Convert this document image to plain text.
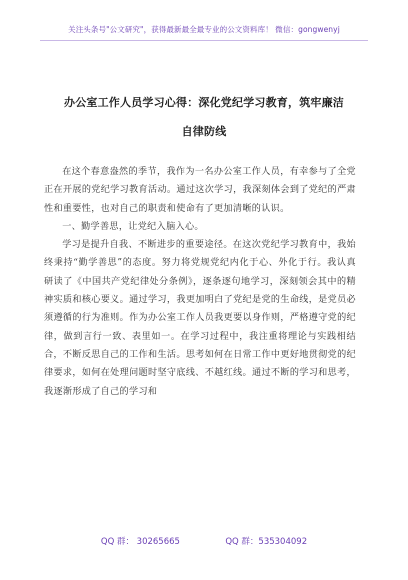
关注头条号"公文研究"，获得最新最全最专业的公文资料库！ 微信：gongwenyj
办公室工作人员学习心得：深化党纪学习教育，筑牢廉洁
自律防线

在这个春意盎然的季节，我作为一名办公室工作人员，有幸参与了全党正在开展的党纪学习教育活动。通过这次学习，我深刻体会到了党纪的严肃性和重要性，也对自己的职责和使命有了更加清晰的认识。

一、勤学善思，让党纪入脑入心。

学习是提升自我、不断进步的重要途径。在这次党纪学习教育中，我始终秉持“勤学善思”的态度。努力将党规党纪内化于心、外化于行。我认真研读了《中国共产党纪律处分条例》，逐条逐句地学习，深刻领会其中的精神实质和核心要义。通过学习，我更加明白了党纪是党的生命线，是党员必须遵循的行为准则。作为办公室工作人员我更要以身作则，严格遵守党的纪律，做到言行一致、表里如一。在学习过程中，我注重将理论与实践相结合，不断反思自己的工作和生活。思考如何在日常工作中更好地贯彻党的纪律要求，如何在处理问题时坚守底线、不越红线。通过不断的学习和思考，我逐渐形成了自己的学习和

QQ 群： 30265665	QQ 群：535304092
